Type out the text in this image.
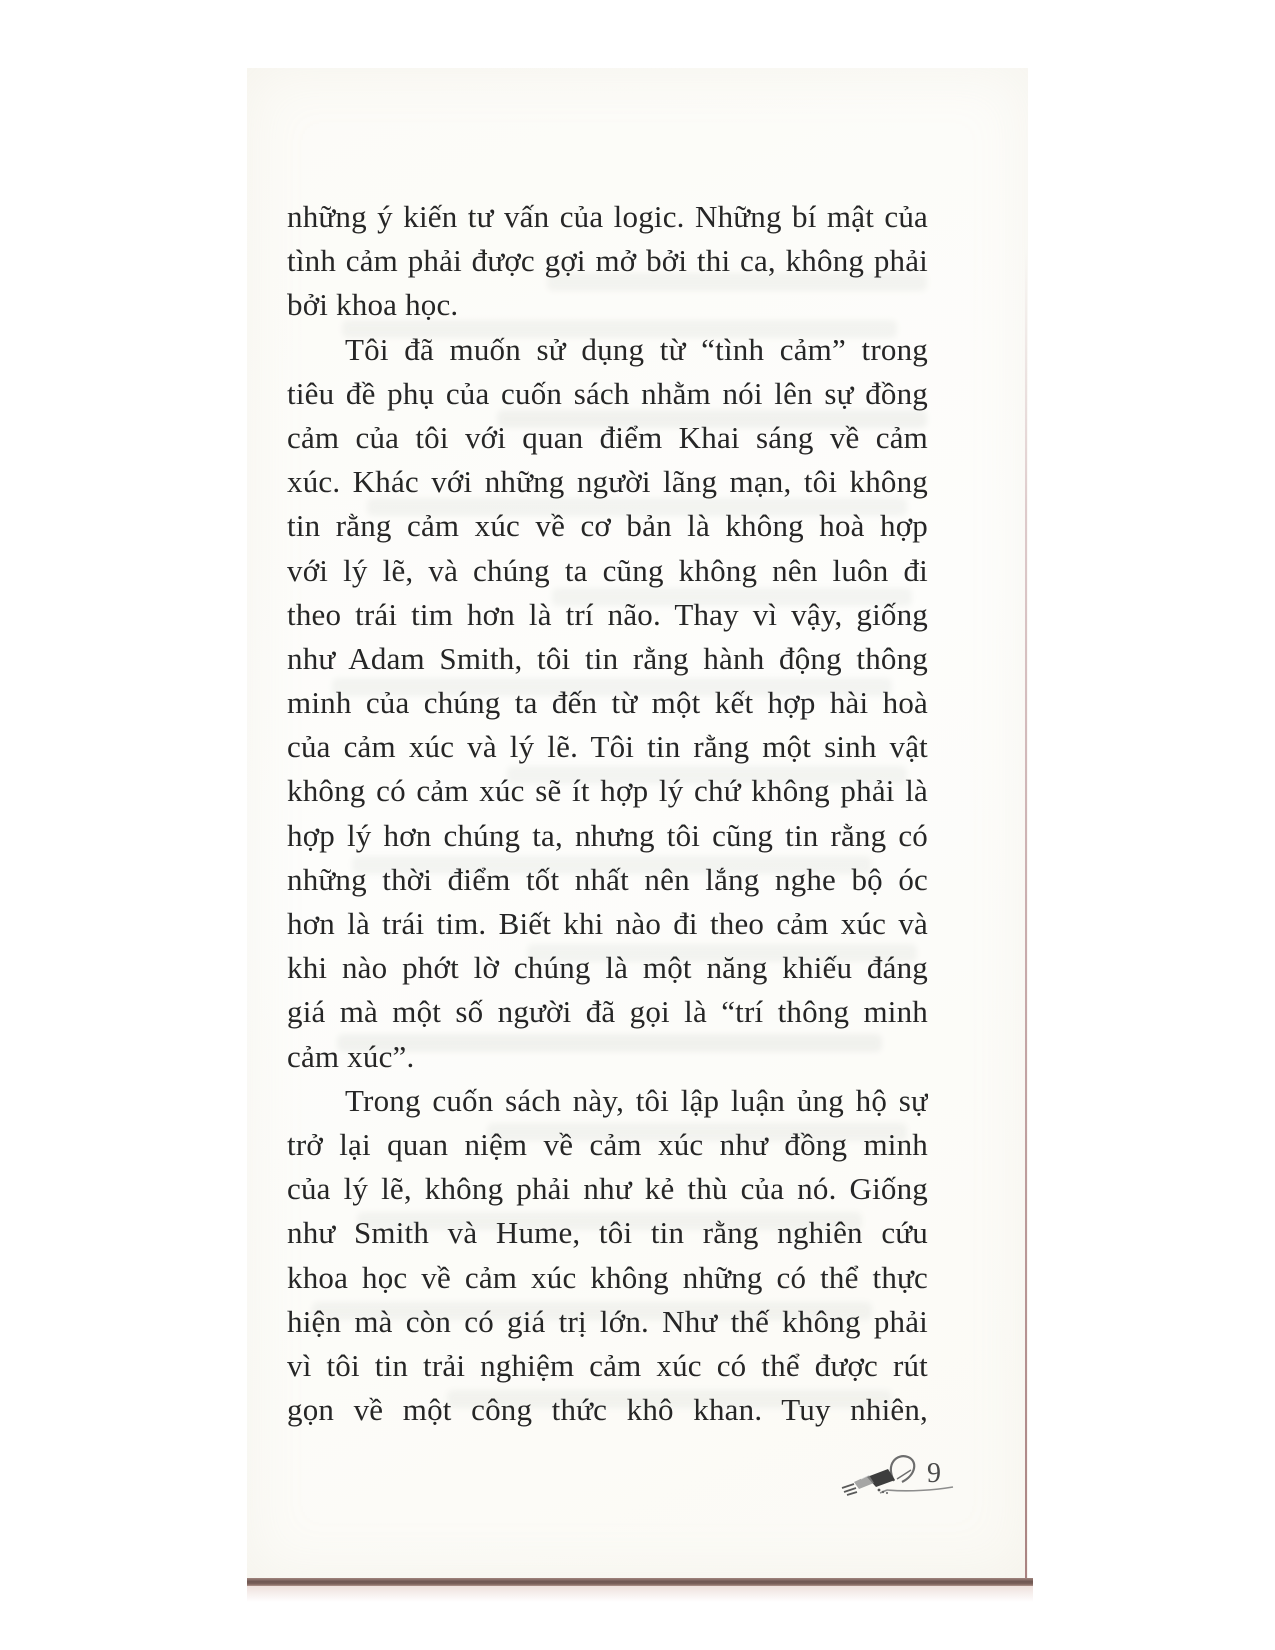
những ý kiến tư vấn của logic. Những bí mật của
tình cảm phải được gợi mở bởi thi ca, không phải
bởi khoa học.
Tôi đã muốn sử dụng từ “tình cảm” trong
tiêu đề phụ của cuốn sách nhằm nói lên sự đồng
cảm của tôi với quan điểm Khai sáng về cảm
xúc. Khác với những người lãng mạn, tôi không
tin rằng cảm xúc về cơ bản là không hoà hợp
với lý lẽ, và chúng ta cũng không nên luôn đi
theo trái tim hơn là trí não. Thay vì vậy, giống
như Adam Smith, tôi tin rằng hành động thông
minh của chúng ta đến từ một kết hợp hài hoà
của cảm xúc và lý lẽ. Tôi tin rằng một sinh vật
không có cảm xúc sẽ ít hợp lý chứ không phải là
hợp lý hơn chúng ta, nhưng tôi cũng tin rằng có
những thời điểm tốt nhất nên lắng nghe bộ óc
hơn là trái tim. Biết khi nào đi theo cảm xúc và
khi nào phớt lờ chúng là một năng khiếu đáng
giá mà một số người đã gọi là “trí thông minh
cảm xúc”.
Trong cuốn sách này, tôi lập luận ủng hộ sự
trở lại quan niệm về cảm xúc như đồng minh
của lý lẽ, không phải như kẻ thù của nó. Giống
như Smith và Hume, tôi tin rằng nghiên cứu
khoa học về cảm xúc không những có thể thực
hiện mà còn có giá trị lớn. Như thế không phải
vì tôi tin trải nghiệm cảm xúc có thể được rút
gọn về một công thức khô khan. Tuy nhiên,
9
